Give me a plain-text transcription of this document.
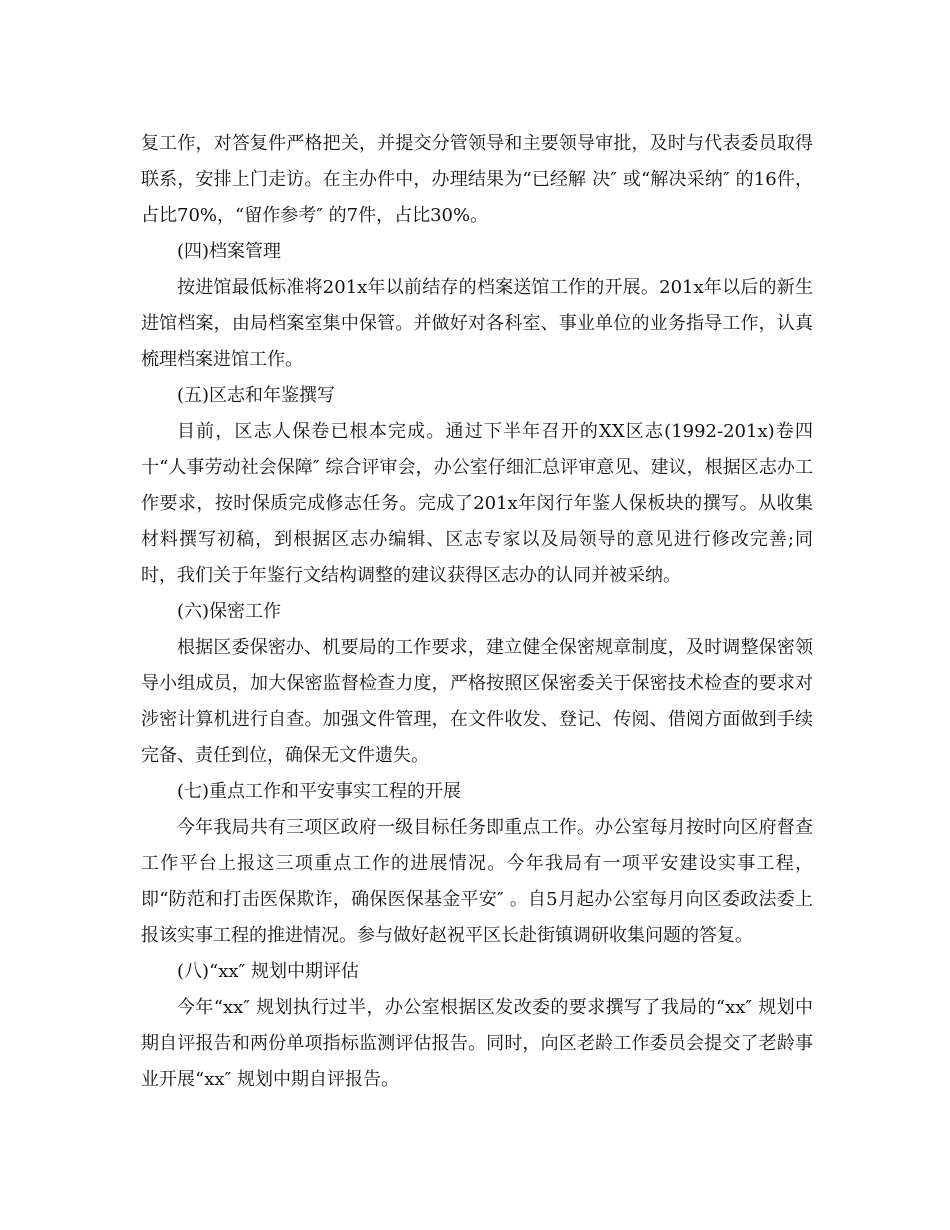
复工作，对答复件严格把关，并提交分管领导和主要领导审批，及时与代表委员取得联系，安排上门走访。在主办件中，办理结果为“已经解 决″ 或“解决采纳″ 的16件，占比70%，“留作参考″ 的7件，占比30%。

(四)档案管理

按进馆最低标准将201x年以前结存的档案送馆工作的开展。201x年以后的新生进馆档案，由局档案室集中保管。并做好对各科室、事业单位的业务指导工作，认真梳理档案进馆工作。

(五)区志和年鉴撰写

目前，区志人保卷已根本完成。通过下半年召开的XX区志(1992-201x)卷四十“人事劳动社会保障″ 综合评审会，办公室仔细汇总评审意见、建议，根据区志办工作要求，按时保质完成修志任务。完成了201x年闵行年鉴人保板块的撰写。从收集材料撰写初稿，到根据区志办编辑、区志专家以及局领导的意见进行修改完善;同时，我们关于年鉴行文结构调整的建议获得区志办的认同并被采纳。

(六)保密工作

根据区委保密办、机要局的工作要求，建立健全保密规章制度，及时调整保密领导小组成员，加大保密监督检查力度，严格按照区保密委关于保密技术检查的要求对涉密计算机进行自查。加强文件管理，在文件收发、登记、传阅、借阅方面做到手续完备、责任到位，确保无文件遗失。

(七)重点工作和平安事实工程的开展

今年我局共有三项区政府一级目标任务即重点工作。办公室每月按时向区府督查工作平台上报这三项重点工作的进展情况。今年我局有一项平安建设实事工程，即“防范和打击医保欺诈，确保医保基金平安″ 。自5月起办公室每月向区委政法委上报该实事工程的推进情况。参与做好赵祝平区长赴街镇调研收集问题的答复。

(八)“xx″ 规划中期评估

今年“xx″ 规划执行过半，办公室根据区发改委的要求撰写了我局的“xx″ 规划中期自评报告和两份单项指标监测评估报告。同时，向区老龄工作委员会提交了老龄事业开展“xx″ 规划中期自评报告。
